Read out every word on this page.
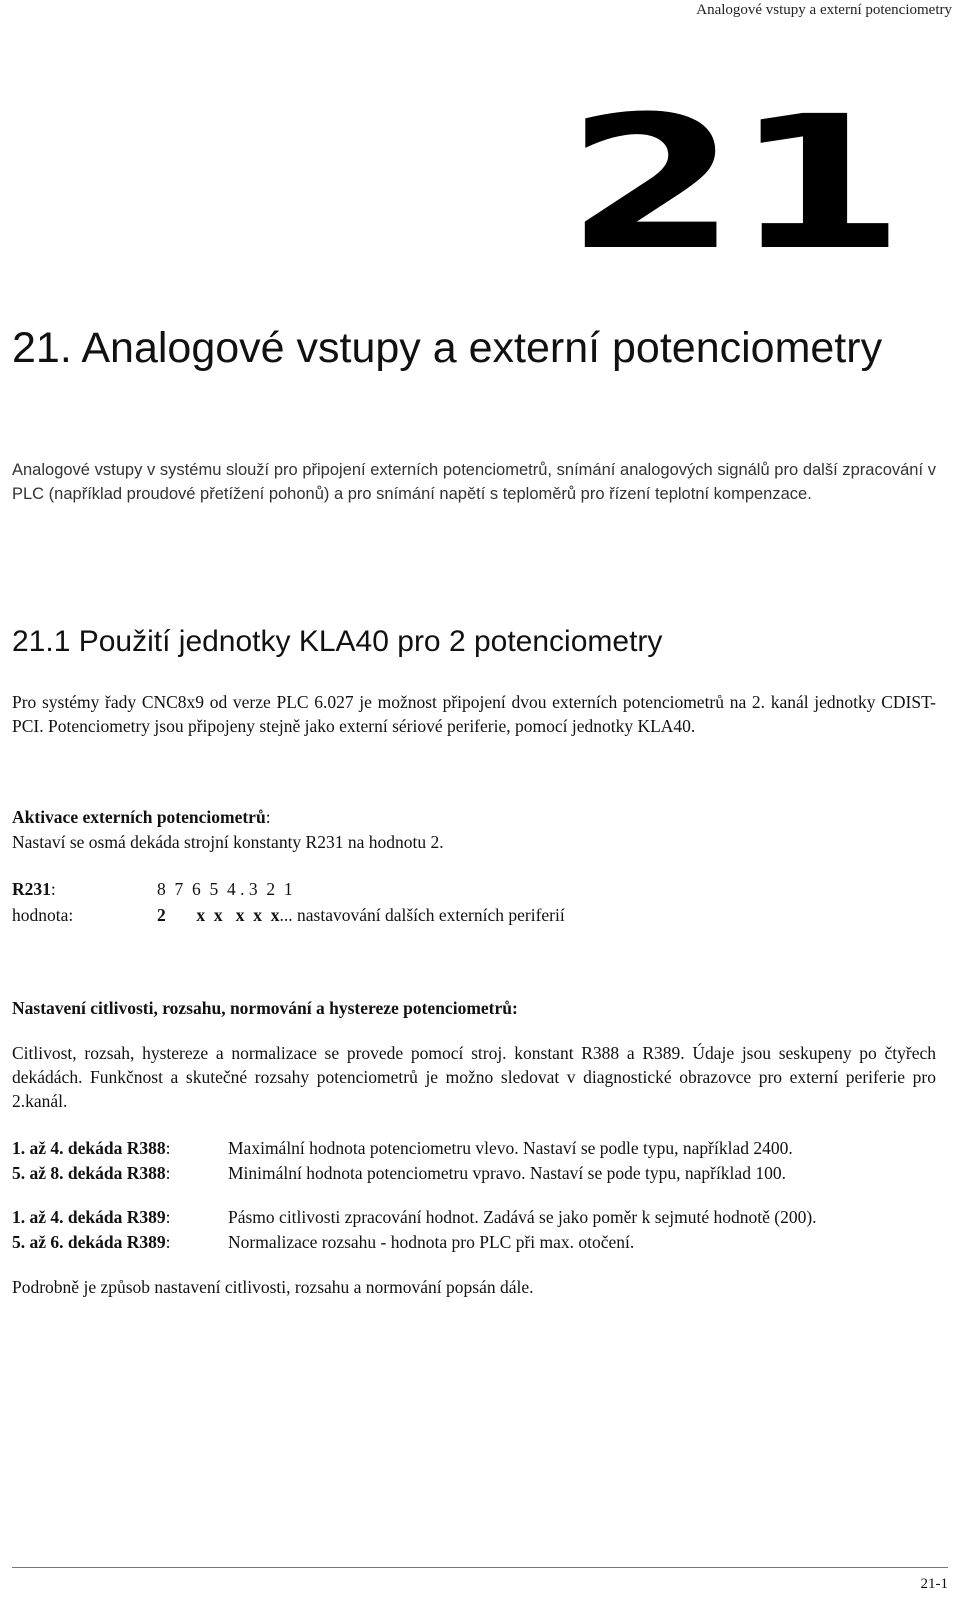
Analogové vstupy a externí potenciometry
21
21. Analogové vstupy a externí potenciometry

Analogové vstupy v systému slouží pro připojení externích potenciometrů, snímání analogových signálů pro další zpracování v PLC (například proudové přetížení pohonů) a pro snímání napětí s teploměrů pro řízení teplotní kompenzace.

21.1 Použití jednotky KLA40 pro 2 potenciometry

Pro systémy řady CNC8x9 od verze PLC 6.027 je možnost připojení dvou externích potenciometrů na 2. kanál jednotky CDIST-PCI. Potenciometry jsou připojeny stejně jako externí sériové periferie, pomocí jednotky KLA40.

Aktivace externích potenciometrů:

Nastaví se osmá dekáda strojní konstanty R231 na hodnotu 2.

R231:	8  7  6  5  4 . 3  2  1
hodnota:	2       x  x   x  x  x... nastavování dalších externích periferií

Nastavení citlivosti, rozsahu, normování a hystereze potenciometrů:

Citlivost, rozsah, hystereze a normalizace se provede pomocí stroj. konstant R388 a R389. Údaje jsou seskupeny po čtyřech dekádách. Funkčnost a skutečné rozsahy potenciometrů je možno sledovat v diagnostické obrazovce pro externí periferie pro 2.kanál.

1. až 4. dekáda R388:	Maximální hodnota potenciometru vlevo. Nastaví se podle typu, například 2400.
5. až 8. dekáda R388:	Minimální hodnota potenciometru vpravo. Nastaví se pode typu, například 100.
1. až 4. dekáda R389:	Pásmo citlivosti zpracování hodnot. Zadává se jako poměr k sejmuté hodnotě (200).
5. až 6. dekáda R389:	Normalizace rozsahu - hodnota pro PLC při max. otočení.

Podrobně je způsob nastavení citlivosti, rozsahu a normování popsán dále.

21-1
